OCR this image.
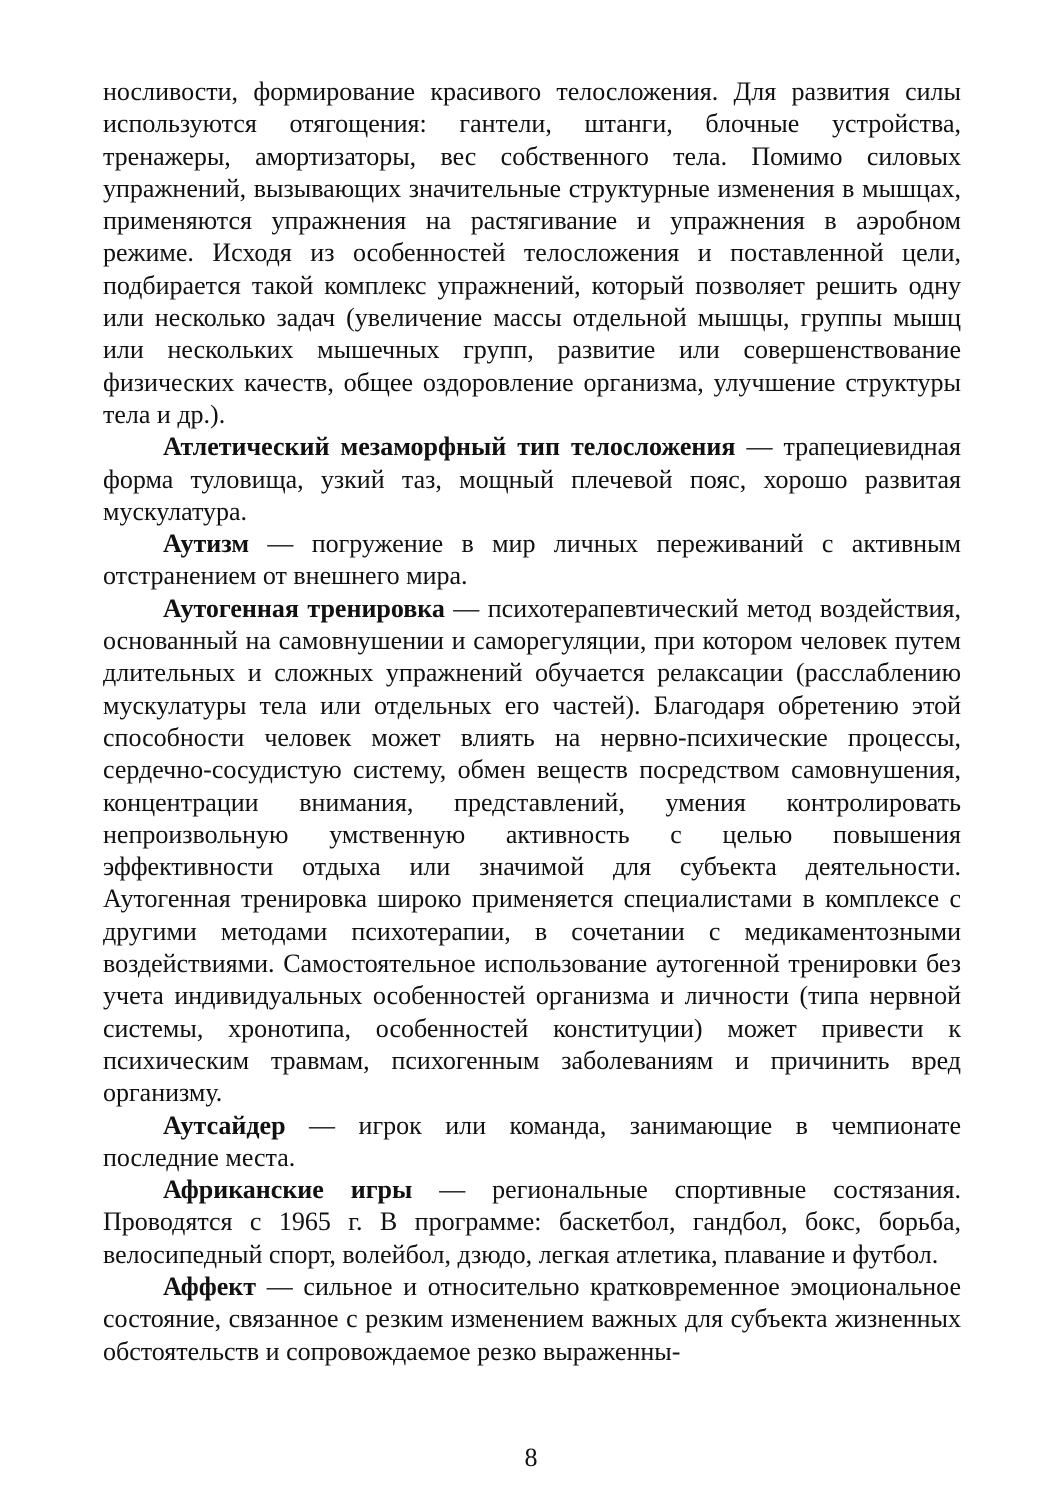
носливости, формирование красивого телосложения. Для развития силы используются отягощения: гантели, штанги, блочные устройства, тренажеры, амортизаторы, вес собственного тела. Помимо силовых упражнений, вызывающих значительные структурные изменения в мышцах, применяются упражнения на растягивание и упражнения в аэробном режиме. Исходя из особенностей телосложения и поставленной цели, подбирается такой комплекс упражнений, который позволяет решить одну или несколько задач (увеличение массы отдельной мышцы, группы мышц или нескольких мышечных групп, развитие или совершенствование физических качеств, общее оздоровление организма, улучшение структуры тела и др.).

Атлетический мезаморфный тип телосложения — трапециевидная форма туловища, узкий таз, мощный плечевой пояс, хорошо развитая мускулатура.

Аутизм — погружение в мир личных переживаний с активным отстранением от внешнего мира.

Аутогенная тренировка — психотерапевтический метод воздействия, основанный на самовнушении и саморегуляции, при котором человек путем длительных и сложных упражнений обучается релаксации (расслаблению мускулатуры тела или отдельных его частей). Благодаря обретению этой способности человек может влиять на нервно-психические процессы, сердечно-сосудистую систему, обмен веществ посредством самовнушения, концентрации внимания, представлений, умения контролировать непроизвольную умственную активность с целью повышения эффективности отдыха или значимой для субъекта деятельности. Аутогенная тренировка широко применяется специалистами в комплексе с другими методами психотерапии, в сочетании с медикаментозными воздействиями. Самостоятельное использование аутогенной тренировки без учета индивидуальных особенностей организма и личности (типа нервной системы, хронотипа, особенностей конституции) может привести к психическим травмам, психогенным заболеваниям и причинить вред организму.

Аутсайдер — игрок или команда, занимающие в чемпионате последние места.

Африканские игры — региональные спортивные состязания. Проводятся с 1965 г. В программе: баскетбол, гандбол, бокс, борьба, велосипедный спорт, волейбол, дзюдо, легкая атлетика, плавание и футбол.

Аффект — сильное и относительно кратковременное эмоциональное состояние, связанное с резким изменением важных для субъекта жизненных обстоятельств и сопровождаемое резко выраженны-

8
